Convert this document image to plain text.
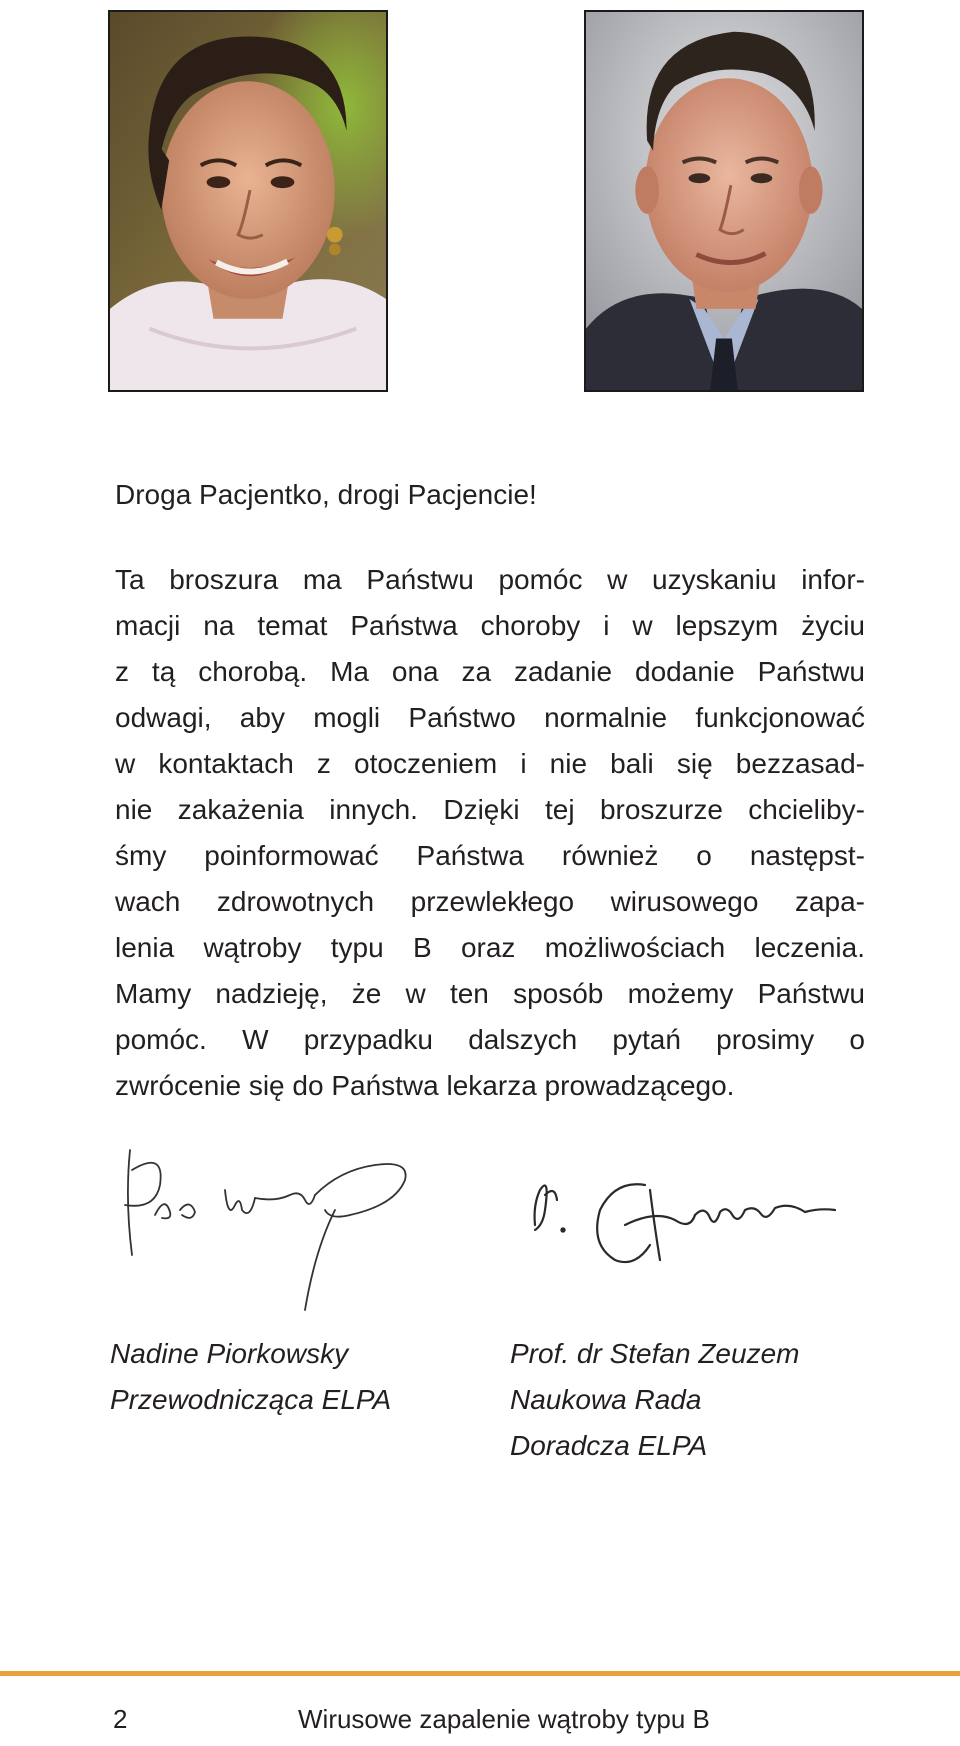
Droga Pacjentko, drogi Pacjencie!

Ta broszura ma Państwu pomóc w uzyskaniu infor-
macji na temat Państwa choroby i w lepszym życiu
z tą chorobą. Ma ona za zadanie dodanie Państwu
odwagi, aby mogli Państwo normalnie funkcjonować
w kontaktach z otoczeniem i nie bali się bezzasad-
nie zakażenia innych. Dzięki tej broszurze chcieliby-
śmy poinformować Państwa również o następst-
wach zdrowotnych przewlekłego wirusowego zapa-
lenia wątroby typu B oraz możliwościach leczenia.
Mamy nadzieję, że w ten sposób możemy Państwu
pomóc. W przypadku dalszych pytań prosimy o
zwrócenie się do Państwa lekarza prowadzącego.
Nadine Piorkowsky
Przewodnicząca ELPA
Prof. dr Stefan Zeuzem
Naukowa Rada
Doradcza ELPA
2	Wirusowe zapalenie wątroby typu B
